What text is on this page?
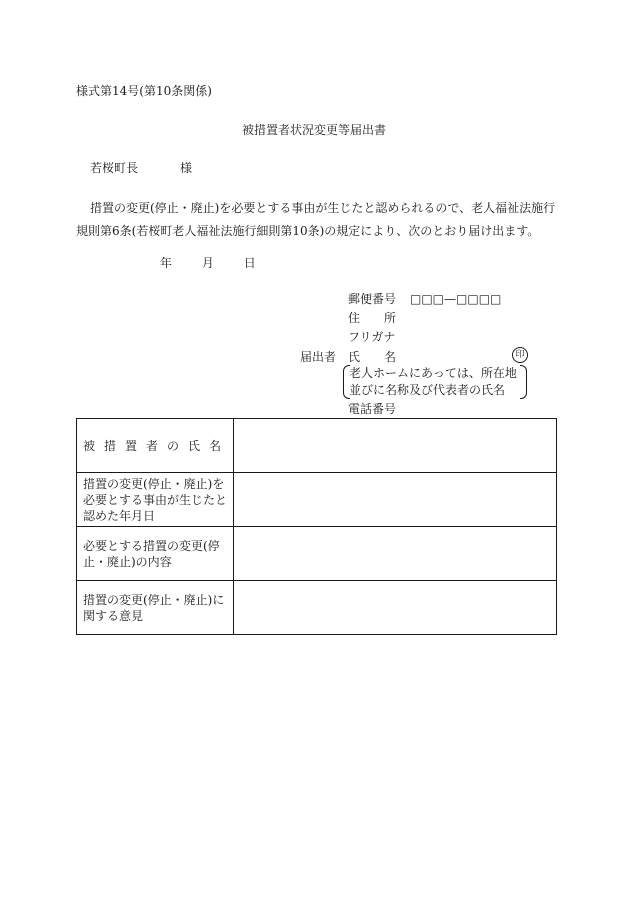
様式第14号(第10条関係)
被措置者状況変更等届出書
若桜町長	様
措置の変更(停止・廃止)を必要とする事由が生じたと認められるので、老人福祉法施行規則第6条(若桜町老人福祉法施行細則第10条)の規定により、次のとおり届け出ます。
年 月 日
郵便番号 □□□—□□□□
住　　所
フリガナ
届出者 氏　　名	印
老人ホームにあっては、所在地
並びに名称及び代表者の氏名
電話番号
被措置者の氏名	
措置の変更(停止・廃止)を必要とする事由が生じたと認めた年月日	
必要とする措置の変更(停止・廃止)の内容	
措置の変更(停止・廃止)に関する意見	
